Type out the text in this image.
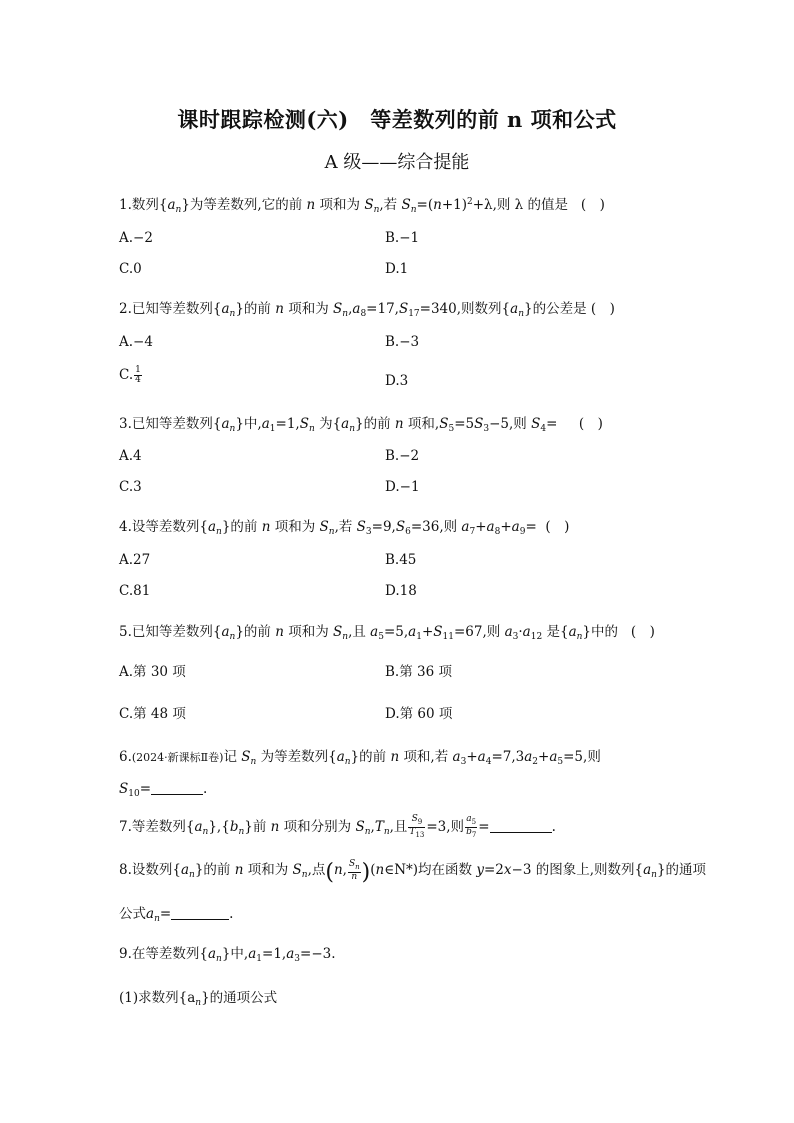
课时跟踪检测(六)　等差数列的前 n 项和公式
A 级——综合提能
1.数列$\{a_n\}$为等差数列,它的前 n 项和为 $S_n$,若 $S_n=(n+1)^2+\lambda$,则 λ 的值是 (　)
A.−2	B.−1
C.0	D.1
2.已知等差数列$\{a_n\}$的前 n 项和为 $S_n,a_8=17,S_{17}=340$,则数列$\{a_n\}$的公差是 (　)
A.−4	B.−3
C. $\frac{1}{4}$	D.3
3.已知等差数列$\{a_n\}$中$,a_1=1,S_n$ 为$\{a_n\}$的前 n 项和$,S_5=5S_3-5$,则 $S_4=$ (　)
A.4	B.−2
C.3	D.−1
4.设等差数列$\{a_n\}$的前 n 项和为 $S_n$,若 $S_3=9,S_6=36$,则 $a_7+a_8+a_9=$ (　)
A.27	B.45
C.81	D.18
5.已知等差数列$\{a_n\}$的前 n 项和为 $S_n$,且 $a_5=5,a_1+S_{11}=67$,则 $a_3\cdot a_{12}$ 是$\{a_n\}$中的 (　)
A.第 30 项	B.第 36 项
C.第 48 项	D.第 60 项
6.(2024·新课标Ⅱ卷)记 $S_n$ 为等差数列$\{a_n\}$的前 n 项和,若 $a_3+a_4=7,3a_2+a_5=5$,则
$S_{10}=$	.
7.等差数列$\{a_n\},\{b_n\}$前 n 项和分别为 $S_n,T_n$,且 $\frac{S_9}{T_{13}} =3$,则 $\frac{a_5}{b_7}$ =	.
8.设数列$\{a_n\}$的前 n 项和为 $S_n$,点(n, $\frac{S_n}{n}$ )(n∈N*)均在函数 y=2x−3 的图象上,则数列$\{a_n\}$的通项
公式$a_n=$	.
9.在等差数列$\{a_n\}$中$,a_1=1,a_3=-3$.
(1)求数列$\{a_n\}$的通项公式
